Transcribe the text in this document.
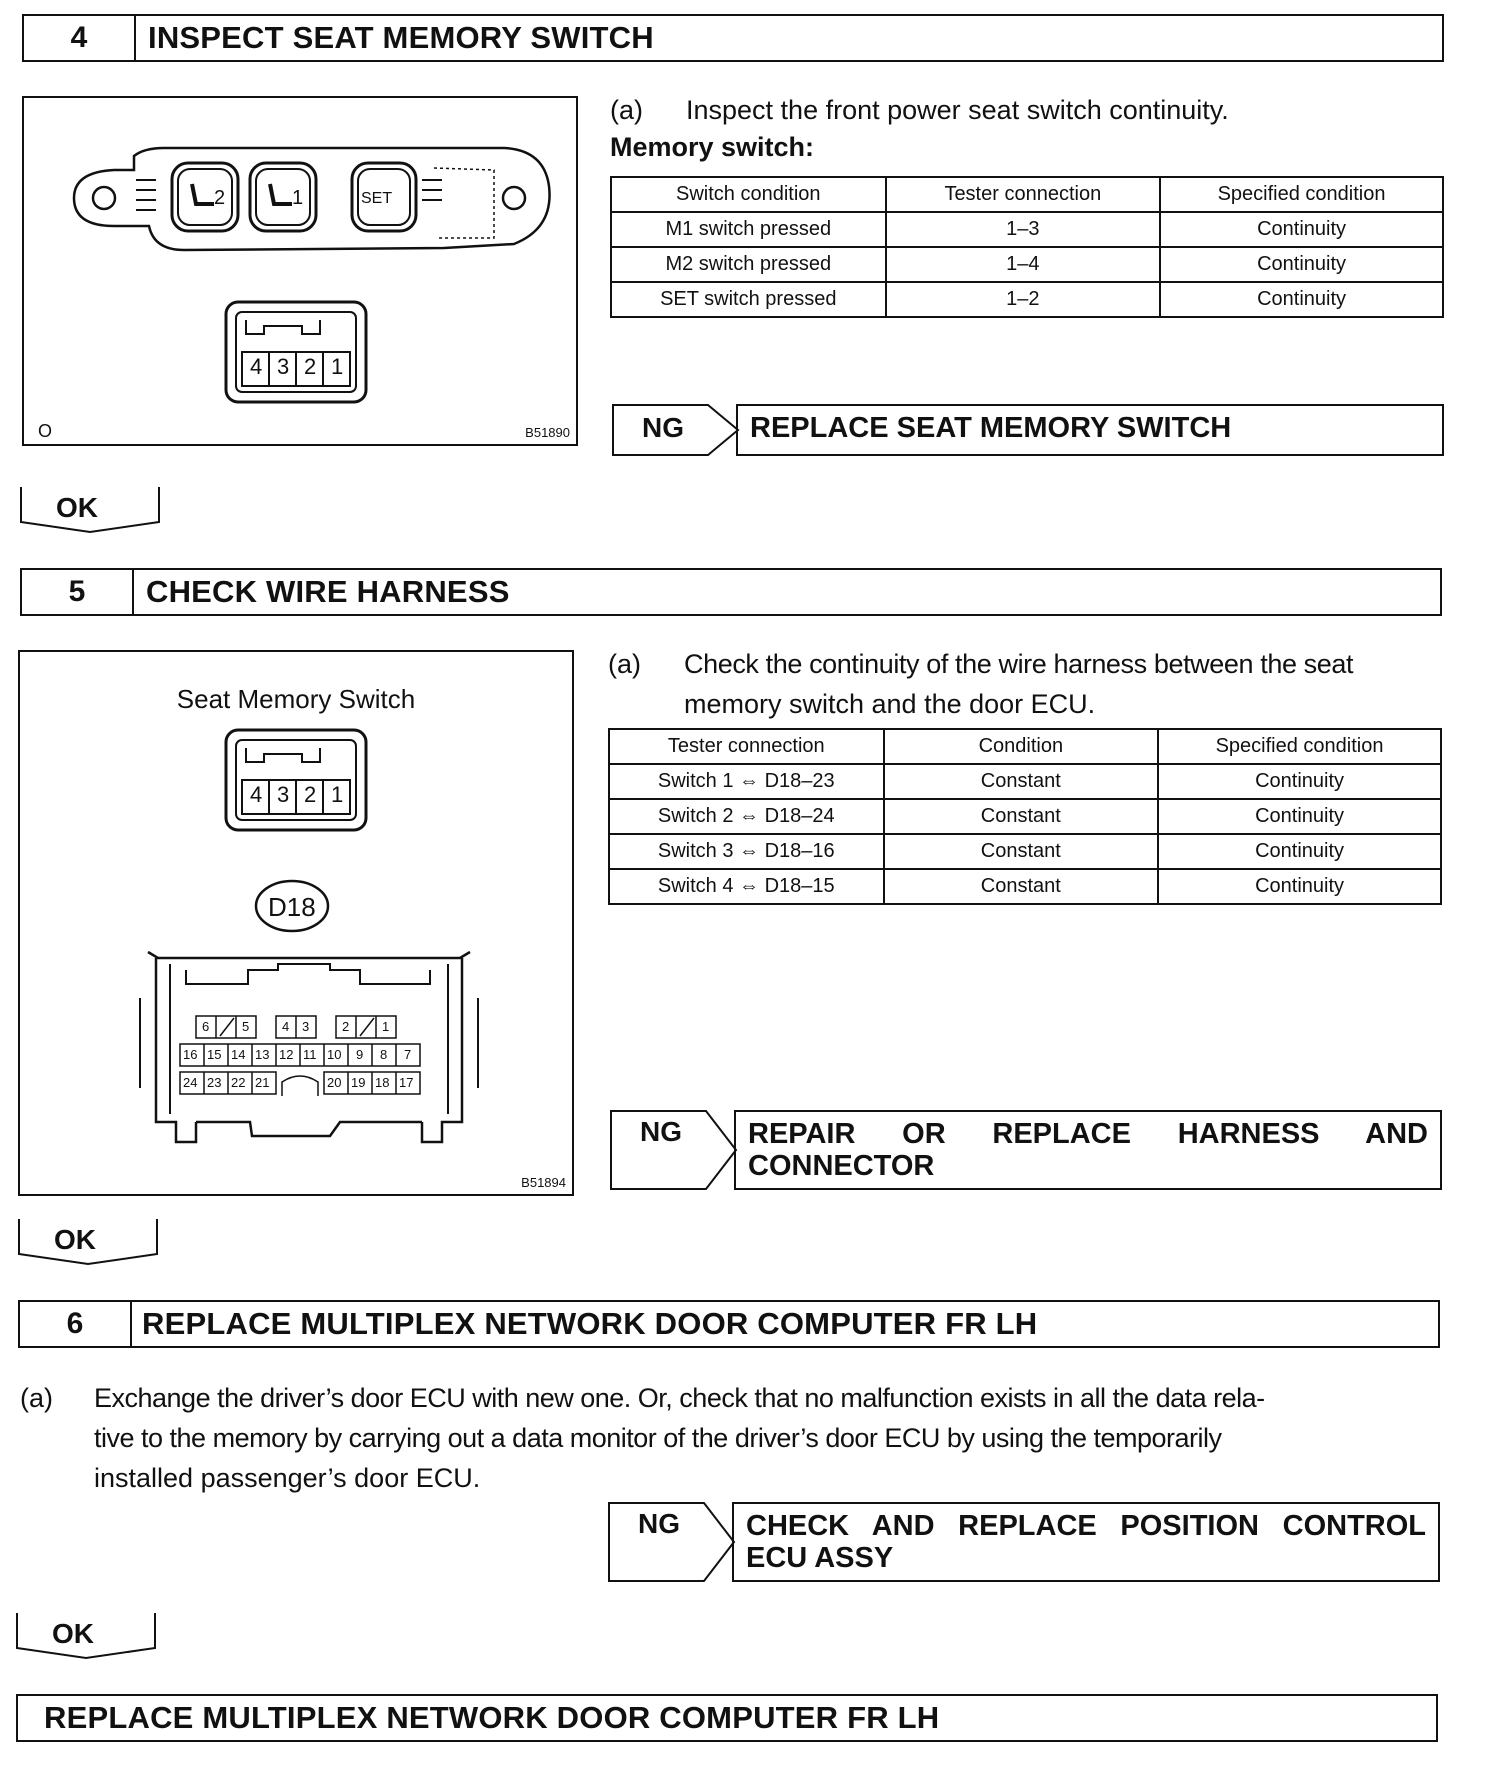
4	INSPECT SEAT MEMORY SWITCH
2	1	SET
4 3 2 1
O	B51890
(a) Inspect the front power seat switch continuity.
Memory switch:
Switch condition	Tester connection	Specified condition
M1 switch pressed	1–3	Continuity
M2 switch pressed	1–4	Continuity
SET switch pressed	1–2	Continuity
NG	REPLACE SEAT MEMORY SWITCH
OK
5	CHECK WIRE HARNESS
Seat Memory Switch
4 3 2 1
D18
6	5	4 3	2	1
16 15 14 13 12 11 10 9 8 7
24 23 22 21	20 19 18 17
B51894
(a) Check the continuity of the wire harness between the seat
memory switch and the door ECU.
Tester connection	Condition	Specified condition
Switch 1 ⇔ D18–23	Constant	Continuity
Switch 2 ⇔ D18–24	Constant	Continuity
Switch 3 ⇔ D18–16	Constant	Continuity
Switch 4 ⇔ D18–15	Constant	Continuity
NG REPAIR OR REPLACE HARNESS AND
CONNECTOR
OK
6	REPLACE MULTIPLEX NETWORK DOOR COMPUTER FR LH
(a) Exchange the driver’s door ECU with new one. Or, check that no malfunction exists in all the data rela-
tive to the memory by carrying out a data monitor of the driver’s door ECU by using the temporarily
installed passenger’s door ECU.
NG CHECK AND REPLACE POSITION CONTROL
ECU ASSY
OK
REPLACE MULTIPLEX NETWORK DOOR COMPUTER FR LH
